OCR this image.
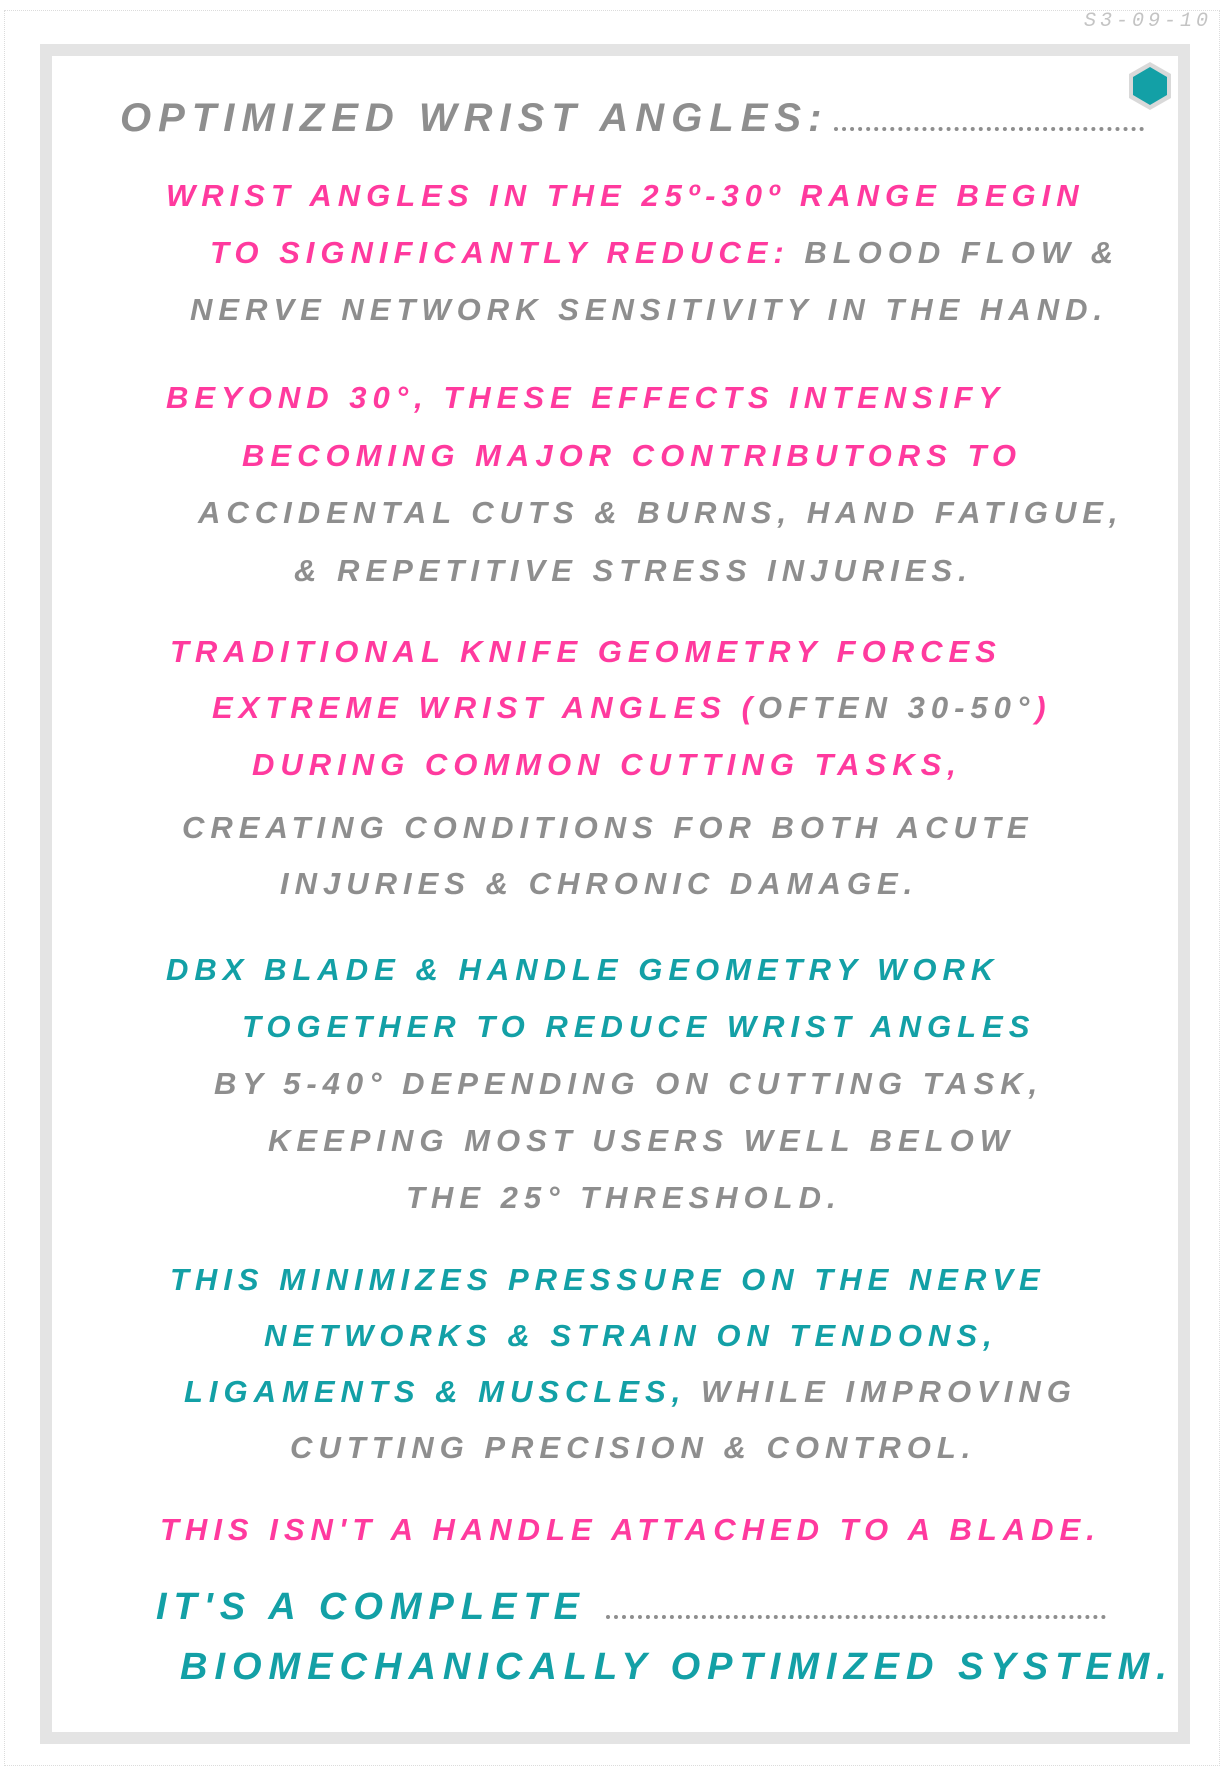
S3-09-10
OPTIMIZED WRIST ANGLES:
WRIST ANGLES IN THE 25º-30º RANGE BEGIN
TO SIGNIFICANTLY REDUCE: BLOOD FLOW &
NERVE NETWORK SENSITIVITY IN THE HAND.
BEYOND 30°, THESE EFFECTS INTENSIFY
BECOMING MAJOR CONTRIBUTORS TO
ACCIDENTAL CUTS & BURNS, HAND FATIGUE,
& REPETITIVE STRESS INJURIES.
TRADITIONAL KNIFE GEOMETRY FORCES
EXTREME WRIST ANGLES (OFTEN 30-50°)
DURING COMMON CUTTING TASKS,
CREATING CONDITIONS FOR BOTH ACUTE
INJURIES & CHRONIC DAMAGE.
DBX BLADE & HANDLE GEOMETRY WORK
TOGETHER TO REDUCE WRIST ANGLES
BY 5-40° DEPENDING ON CUTTING TASK,
KEEPING MOST USERS WELL BELOW
THE 25° THRESHOLD.
THIS MINIMIZES PRESSURE ON THE NERVE
NETWORKS & STRAIN ON TENDONS,
LIGAMENTS & MUSCLES, WHILE IMPROVING
CUTTING PRECISION & CONTROL.
THIS ISN'T A HANDLE ATTACHED TO A BLADE.
IT'S A COMPLETE
BIOMECHANICALLY OPTIMIZED SYSTEM.
